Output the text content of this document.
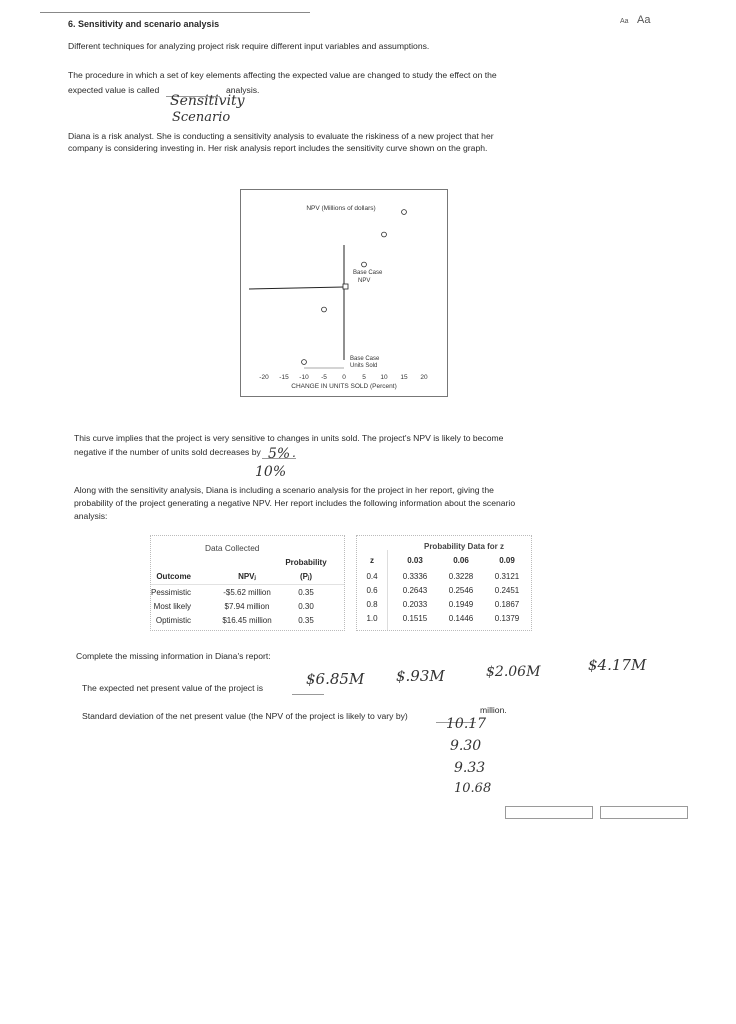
Aa Aa
6. Sensitivity and scenario analysis
Different techniques for analyzing project risk require different input variables and assumptions.
The procedure in which a set of key elements affecting the expected value are changed to study the effect on the
expected value is called	analysis.
Sensitivity
Scenario
Diana is a risk analyst. She is conducting a sensitivity analysis to evaluate the riskiness of a new project that her
company is considering investing in. Her risk analysis report includes the sensitivity curve shown on the graph.
NPV (Millions of dollars)
CHANGE IN UNITS SOLD (Percent)
Base Case
NPV
Base Case
Units Sold
-20 -15 -10 -5 0	5 10 15 20
This curve implies that the project is very sensitive to changes in units sold. The project's NPV is likely to become
negative if the number of units sold decreases by 5% .
10%
Along with the sensitivity analysis, Diana is including a scenario analysis for the project in her report, giving the
probability of the project generating a negative NPV. Her report includes the following information about the scenario
analysis:
Data Collected
Outcome	NPVⱼ
Probability
(Pⱼ)
Pessimistic	-$5.62 million	0.35
Most likely	$7.94 million	0.30
Optimistic	$16.45 million	0.35
Probability Data for z
z	0.03	0.06	0.09
0.4	0.3336	0.3228	0.3121
0.6	0.2643	0.2546	0.2451
0.8	0.2033	0.1949	0.1867
1.0	0.1515	0.1446	0.1379
Complete the missing information in Diana's report:
The expected net present value of the project is	$6.85M $.93M	$2.06M	$4.17M
Standard deviation of the net present value (the NPV of the project is likely to vary by)
million.
10.17
9.30
9.33
10.68
